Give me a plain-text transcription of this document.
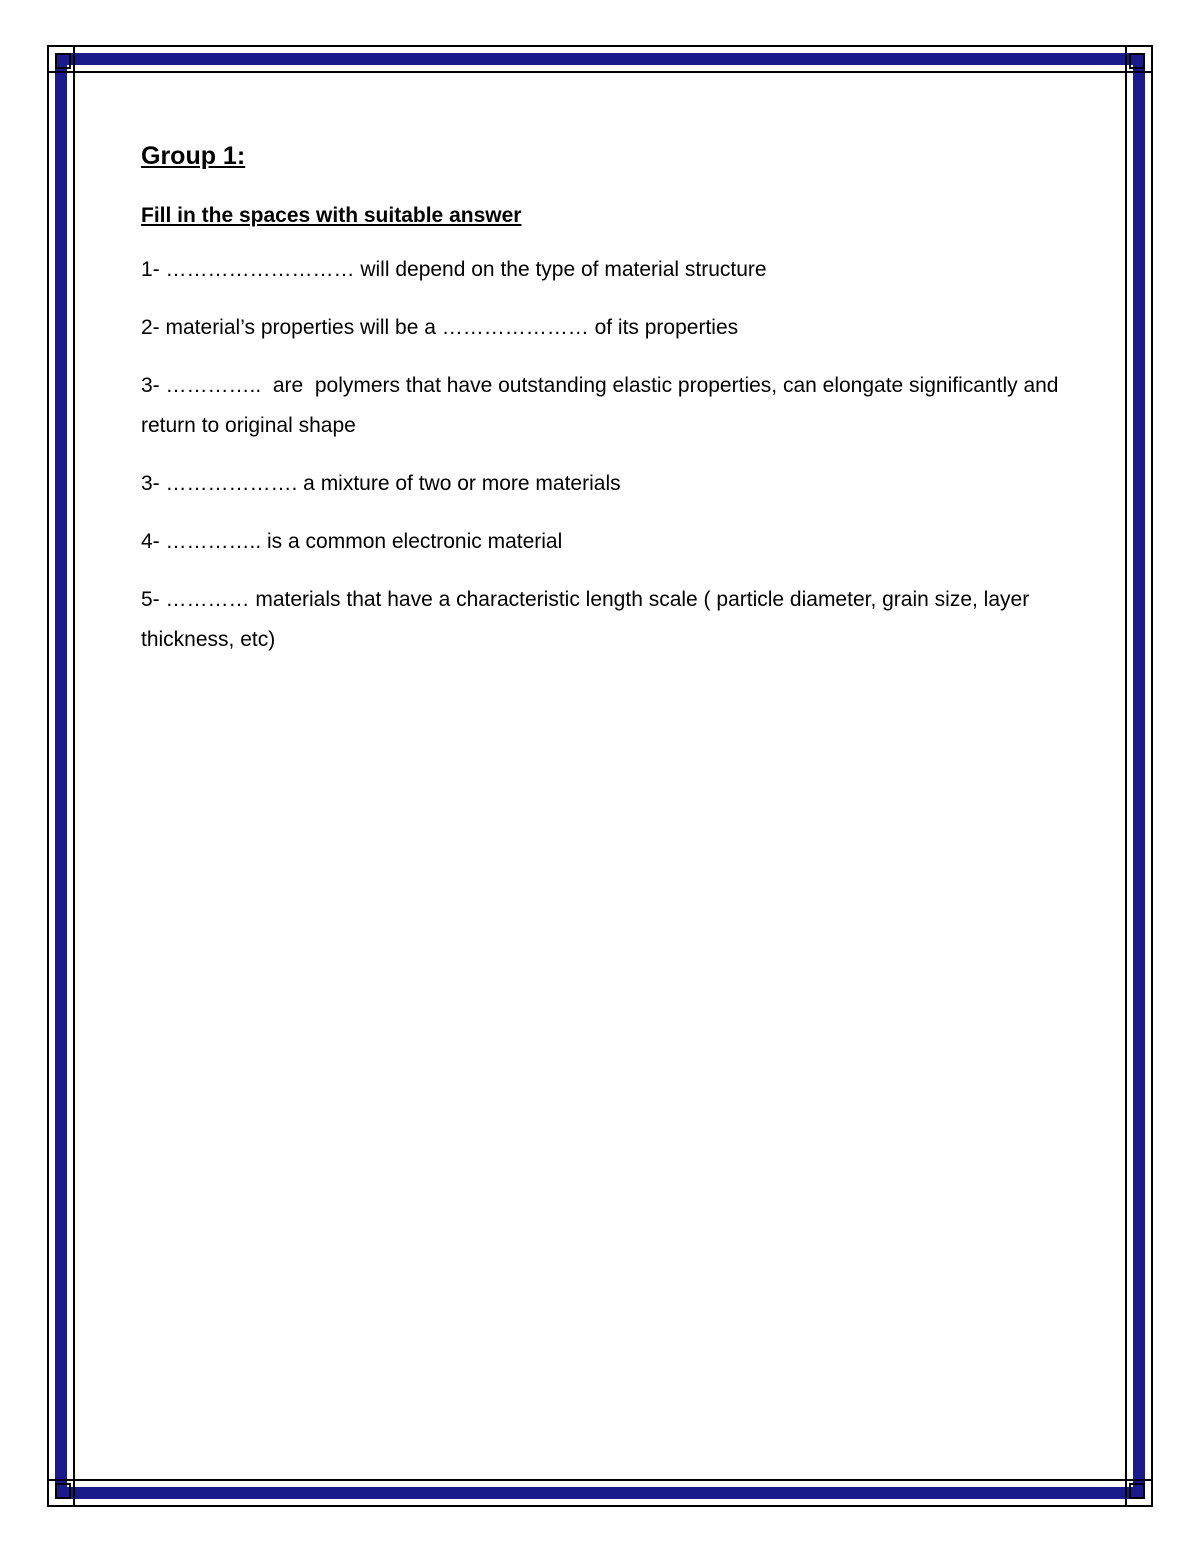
Group 1:
Fill in the spaces with suitable answer
1- ……………………… will depend on the type of material structure
2- material’s properties will be a ………………… of its properties
3- …………..  are  polymers that have outstanding elastic properties, can elongate significantly and return to original shape
3- ………………. a mixture of two or more materials
4- ………….. is a common electronic material
5- ………… materials that have a characteristic length scale ( particle diameter, grain size, layer thickness, etc)
